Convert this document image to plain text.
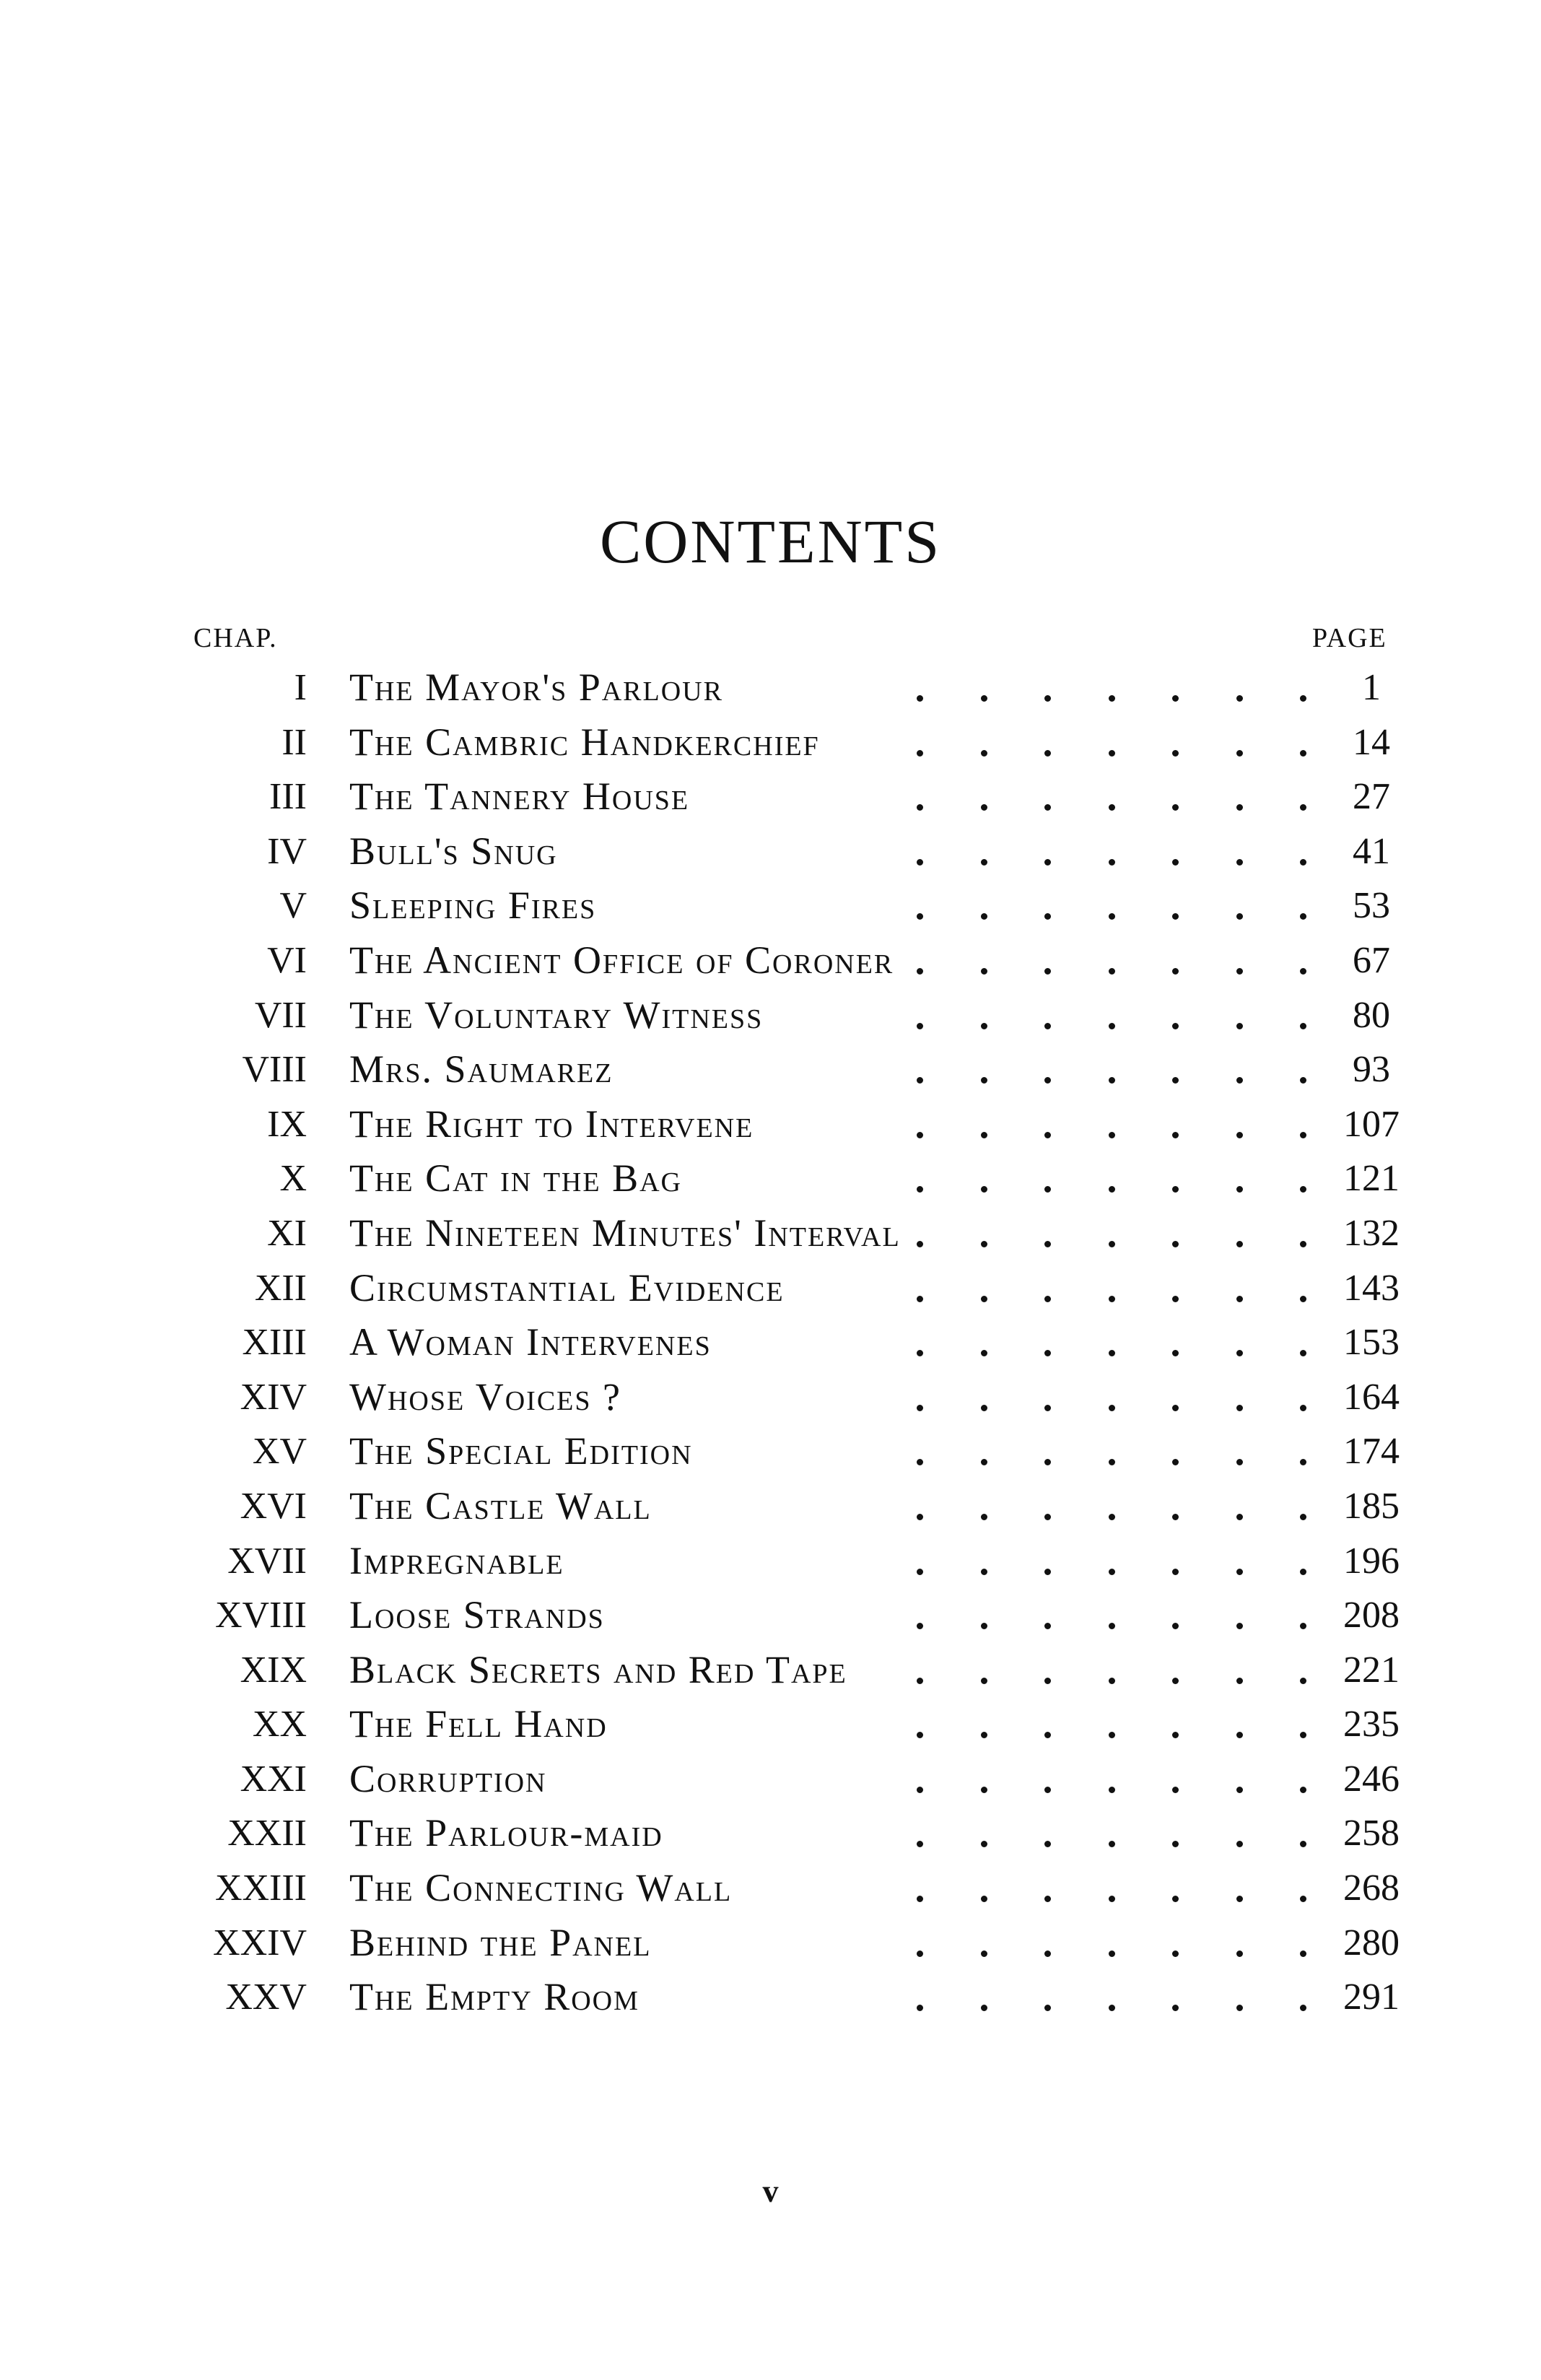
CONTENTS
CHAP.	PAGE
I The Mayor's Parlour	1
II The Cambric Handkerchief	14
III The Tannery House	27
IV Bull's Snug	41
V Sleeping Fires	53
VI The Ancient Office of Coroner	67
VII The Voluntary Witness	80
VIII Mrs. Saumarez	93
IX The Right to Intervene	107
X The Cat in the Bag	121
XI The Nineteen Minutes' Interval	132
XII Circumstantial Evidence	143
XIII A Woman Intervenes	153
XIV Whose Voices ?	164
XV The Special Edition	174
XVI The Castle Wall	185
XVII Impregnable	196
XVIII Loose Strands	208
XIX Black Secrets and Red Tape	221
XX The Fell Hand	235
XXI Corruption	246
XXII The Parlour-maid	258
XXIII The Connecting Wall	268
XXIV Behind the Panel	280
XXV The Empty Room	291
v
